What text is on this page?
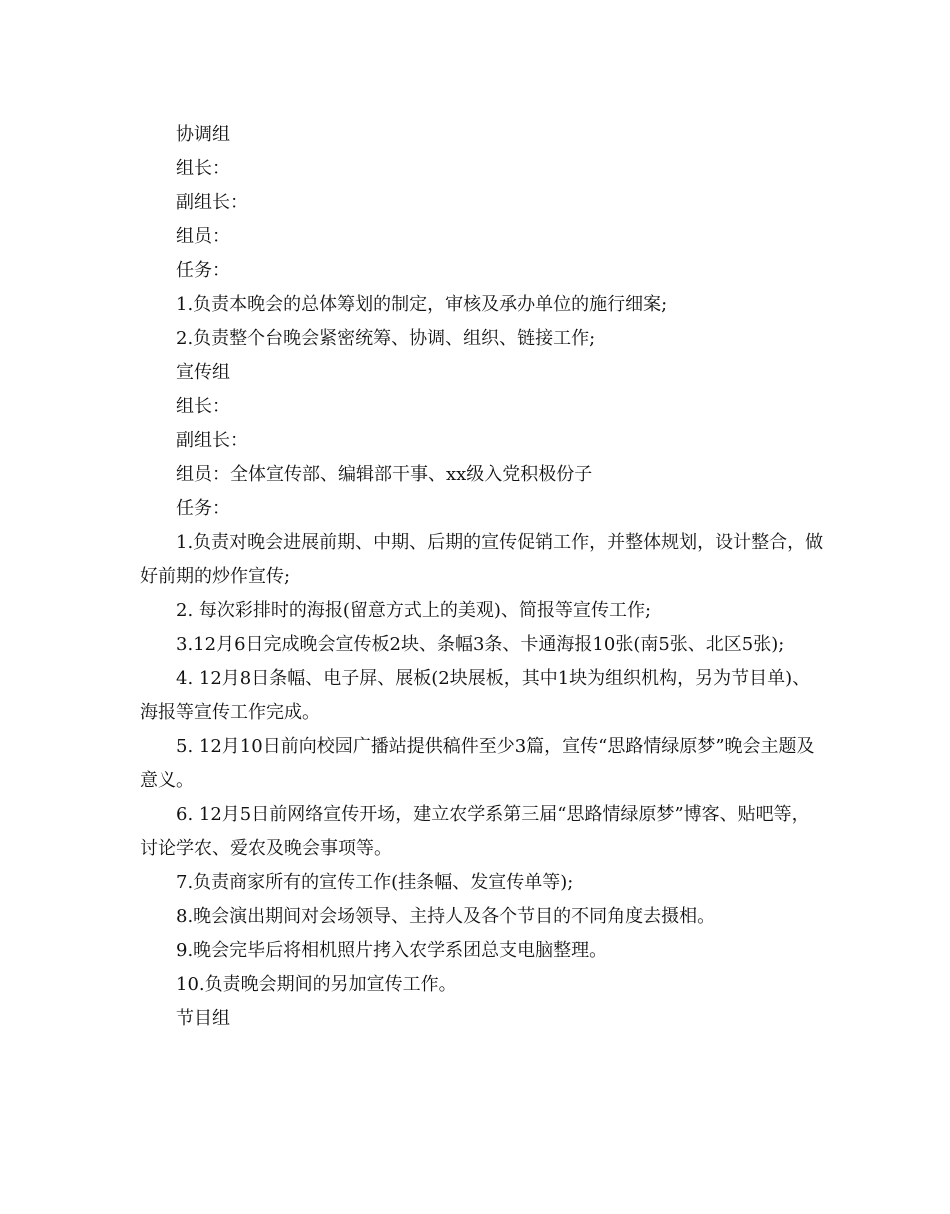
协调组

组长：

副组长：

组员：

任务：

1.负责本晚会的总体筹划的制定，审核及承办单位的施行细案;

2.负责整个台晚会紧密统筹、协调、组织、链接工作;

宣传组

组长：

副组长：

组员：全体宣传部、编辑部干事、xx级入党积极份子

任务：

1.负责对晚会进展前期、中期、后期的宣传促销工作，并整体规划，设计整合，做好前期的炒作宣传;

2. 每次彩排时的海报(留意方式上的美观)、简报等宣传工作;

3.12月6日完成晚会宣传板2块、条幅3条、卡通海报10张(南5张、北区5张);

4. 12月8日条幅、电子屏、展板(2块展板，其中1块为组织机构，另为节目单)、海报等宣传工作完成。

5. 12月10日前向校园广播站提供稿件至少3篇，宣传“思路情绿原梦”晚会主题及意义。

6. 12月5日前网络宣传开场，建立农学系第三届“思路情绿原梦”博客、贴吧等，讨论学农、爱农及晚会事项等。

7.负责商家所有的宣传工作(挂条幅、发宣传单等);

8.晚会演出期间对会场领导、主持人及各个节目的不同角度去摄相。

9.晚会完毕后将相机照片拷入农学系团总支电脑整理。

10.负责晚会期间的另加宣传工作。

节目组
